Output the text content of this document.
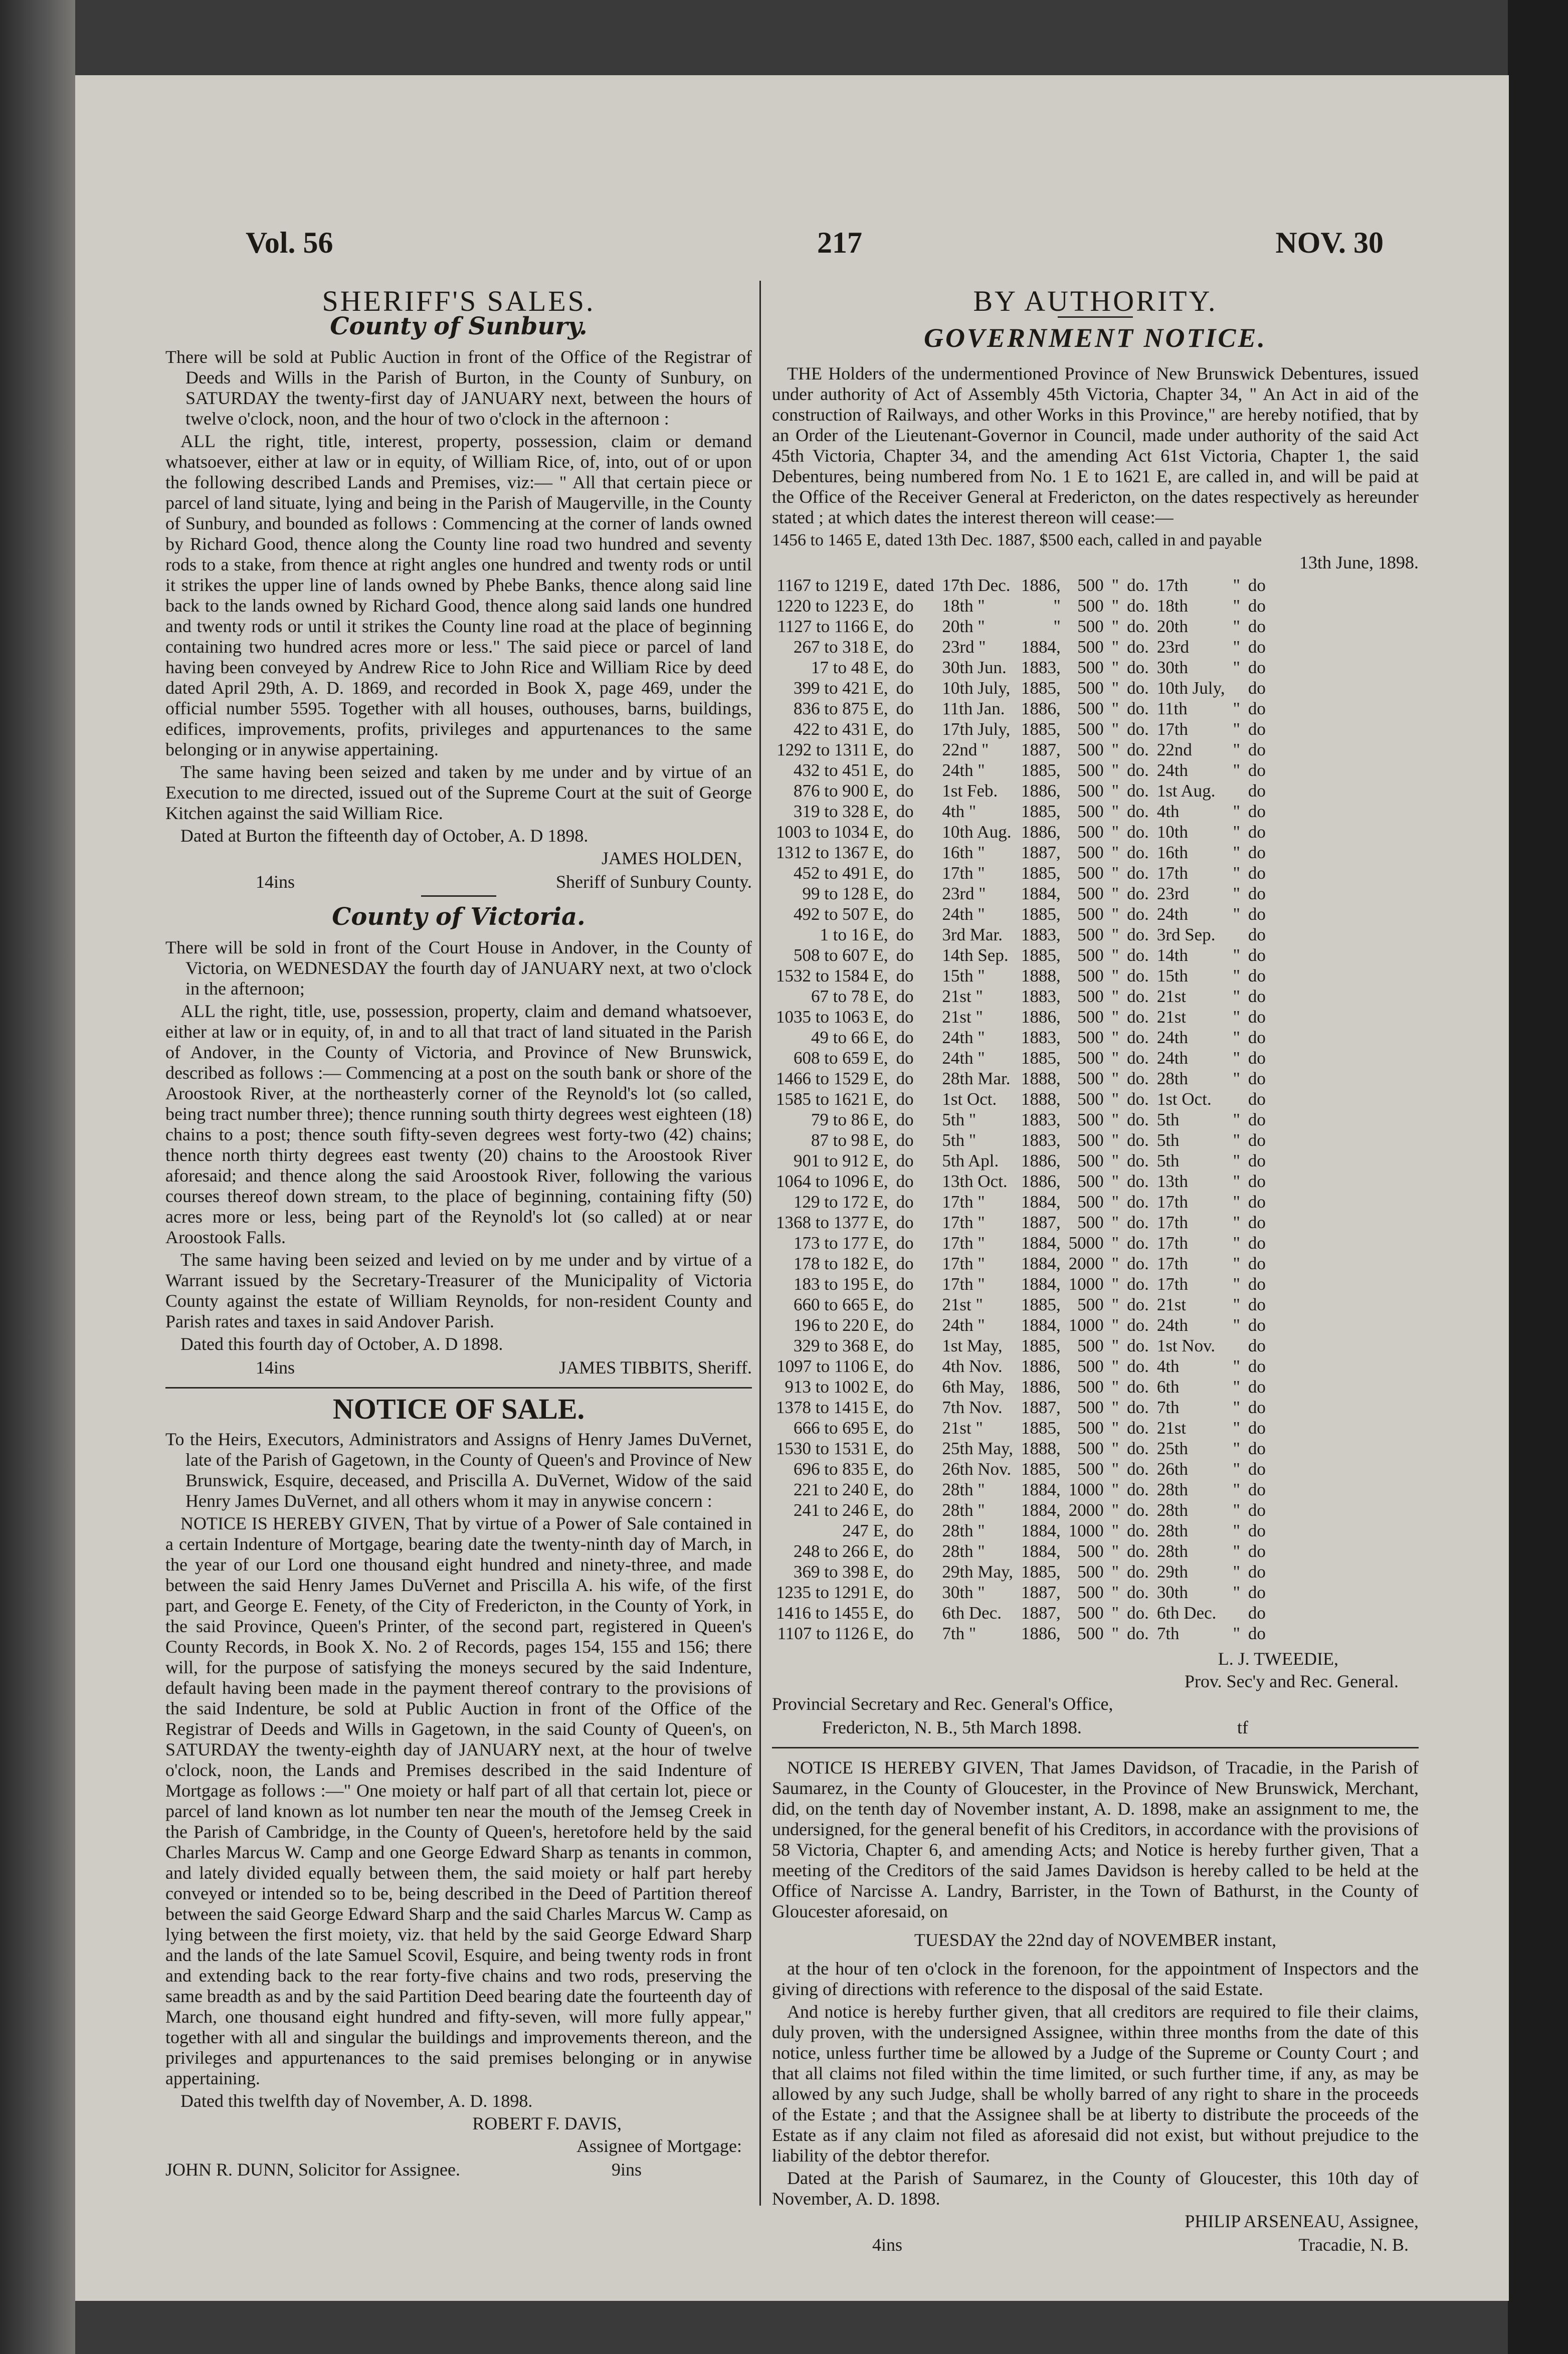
Vol. 56	217	NOV. 30
SHERIFF'S SALES.
County of Sunbury.

There will be sold at Public Auction in front of the Office of the Registrar of Deeds and Wills in the Parish of Burton, in the County of Sunbury, on SATURDAY the twenty-first day of JANUARY next, between the hours of twelve o'clock, noon, and the hour of two o'clock in the afternoon :

ALL the right, title, interest, property, possession, claim or demand whatsoever, either at law or in equity, of William Rice, of, into, out of or upon the following described Lands and Premises, viz:— " All that certain piece or parcel of land situate, lying and being in the Parish of Maugerville, in the County of Sunbury, and bounded as follows : Commencing at the corner of lands owned by Richard Good, thence along the County line road two hundred and seventy rods to a stake, from thence at right angles one hundred and twenty rods or until it strikes the upper line of lands owned by Phebe Banks, thence along said line back to the lands owned by Richard Good, thence along said lands one hundred and twenty rods or until it strikes the County line road at the place of beginning containing two hundred acres more or less." The said piece or parcel of land having been conveyed by Andrew Rice to John Rice and William Rice by deed dated April 29th, A. D. 1869, and recorded in Book X, page 469, under the official number 5595. Together with all houses, outhouses, barns, buildings, edifices, improvements, profits, privileges and appurtenances to the same belonging or in anywise appertaining.

The same having been seized and taken by me under and by virtue of an Execution to me directed, issued out of the Supreme Court at the suit of George Kitchen against the said William Rice.

Dated at Burton the fifteenth day of October, A. D 1898.

JAMES HOLDEN,
14ins	Sheriff of Sunbury County.
County of Victoria.

There will be sold in front of the Court House in Andover, in the County of Victoria, on WEDNESDAY the fourth day of JANUARY next, at two o'clock in the afternoon;

ALL the right, title, use, possession, property, claim and demand whatsoever, either at law or in equity, of, in and to all that tract of land situated in the Parish of Andover, in the County of Victoria, and Province of New Brunswick, described as follows :— Commencing at a post on the south bank or shore of the Aroostook River, at the northeasterly corner of the Reynold's lot (so called, being tract number three); thence running south thirty degrees west eighteen (18) chains to a post; thence south fifty-seven degrees west forty-two (42) chains; thence north thirty degrees east twenty (20) chains to the Aroostook River aforesaid; and thence along the said Aroostook River, following the various courses thereof down stream, to the place of beginning, containing fifty (50) acres more or less, being part of the Reynold's lot (so called) at or near Aroostook Falls.

The same having been seized and levied on by me under and by virtue of a Warrant issued by the Secretary-Treasurer of the Municipality of Victoria County against the estate of William Reynolds, for non-resident County and Parish rates and taxes in said Andover Parish.

Dated this fourth day of October, A. D 1898.

14ins	JAMES TIBBITS, Sheriff.
NOTICE OF SALE.

To the Heirs, Executors, Administrators and Assigns of Henry James DuVernet, late of the Parish of Gagetown, in the County of Queen's and Province of New Brunswick, Esquire, deceased, and Priscilla A. DuVernet, Widow of the said Henry James DuVernet, and all others whom it may in anywise concern :

NOTICE IS HEREBY GIVEN, That by virtue of a Power of Sale contained in a certain Indenture of Mortgage, bearing date the twenty-ninth day of March, in the year of our Lord one thousand eight hundred and ninety-three, and made between the said Henry James DuVernet and Priscilla A. his wife, of the first part, and George E. Fenety, of the City of Fredericton, in the County of York, in the said Province, Queen's Printer, of the second part, registered in Queen's County Records, in Book X. No. 2 of Records, pages 154, 155 and 156; there will, for the purpose of satisfying the moneys secured by the said Indenture, default having been made in the payment thereof contrary to the provisions of the said Indenture, be sold at Public Auction in front of the Office of the Registrar of Deeds and Wills in Gagetown, in the said County of Queen's, on SATURDAY the twenty-eighth day of JANUARY next, at the hour of twelve o'clock, noon, the Lands and Premises described in the said Indenture of Mortgage as follows :—" One moiety or half part of all that certain lot, piece or parcel of land known as lot number ten near the mouth of the Jemseg Creek in the Parish of Cambridge, in the County of Queen's, heretofore held by the said Charles Marcus W. Camp and one George Edward Sharp as tenants in common, and lately divided equally between them, the said moiety or half part hereby conveyed or intended so to be, being described in the Deed of Partition thereof between the said George Edward Sharp and the said Charles Marcus W. Camp as lying between the first moiety, viz. that held by the said George Edward Sharp and the lands of the late Samuel Scovil, Esquire, and being twenty rods in front and extending back to the rear forty-five chains and two rods, preserving the same breadth as and by the said Partition Deed bearing date the fourteenth day of March, one thousand eight hundred and fifty-seven, will more fully appear," together with all and singular the buildings and improvements thereon, and the privileges and appurtenances to the said premises belonging or in anywise appertaining.

Dated this twelfth day of November, A. D. 1898.

ROBERT F. DAVIS,
Assignee of Mortgage:
JOHN R. DUNN, Solicitor for Assignee.	9ins
BY AUTHORITY.
GOVERNMENT NOTICE.

THE Holders of the undermentioned Province of New Brunswick Debentures, issued under authority of Act of Assembly 45th Victoria, Chapter 34, " An Act in aid of the construction of Railways, and other Works in this Province," are hereby notified, that by an Order of the Lieutenant-Governor in Council, made under authority of the said Act 45th Victoria, Chapter 34, and the amending Act 61st Victoria, Chapter 1, the said Debentures, being numbered from No. 1 E to 1621 E, are called in, and will be paid at the Office of the Receiver General at Fredericton, on the dates respectively as hereunder stated ; at which dates the interest thereon will cease:—

1456 to 1465 E, dated 13th Dec. 1887, $500 each, called in and payable
13th June, 1898.
1167 to 1219 E,	dated	17th Dec.	1886,	500	"	do.	17th	"	do
1220 to 1223 E,	do	18th "	"	500	"	do.	18th	"	do
1127 to 1166 E,	do	20th "	"	500	"	do.	20th	"	do
267 to 318 E,	do	23rd "	1884,	500	"	do.	23rd	"	do
17 to 48 E,	do	30th Jun.	1883,	500	"	do.	30th	"	do
399 to 421 E,	do	10th July,	1885,	500	"	do.	10th July,		do
836 to 875 E,	do	11th Jan.	1886,	500	"	do.	11th	"	do
422 to 431 E,	do	17th July,	1885,	500	"	do.	17th	"	do
1292 to 1311 E,	do	22nd "	1887,	500	"	do.	22nd	"	do
432 to 451 E,	do	24th "	1885,	500	"	do.	24th	"	do
876 to 900 E,	do	1st Feb.	1886,	500	"	do.	1st Aug.		do
319 to 328 E,	do	4th "	1885,	500	"	do.	4th	"	do
1003 to 1034 E,	do	10th Aug.	1886,	500	"	do.	10th	"	do
1312 to 1367 E,	do	16th "	1887,	500	"	do.	16th	"	do
452 to 491 E,	do	17th "	1885,	500	"	do.	17th	"	do
99 to 128 E,	do	23rd "	1884,	500	"	do.	23rd	"	do
492 to 507 E,	do	24th "	1885,	500	"	do.	24th	"	do
1 to 16 E,	do	3rd Mar.	1883,	500	"	do.	3rd Sep.		do
508 to 607 E,	do	14th Sep.	1885,	500	"	do.	14th	"	do
1532 to 1584 E,	do	15th "	1888,	500	"	do.	15th	"	do
67 to 78 E,	do	21st "	1883,	500	"	do.	21st	"	do
1035 to 1063 E,	do	21st "	1886,	500	"	do.	21st	"	do
49 to 66 E,	do	24th "	1883,	500	"	do.	24th	"	do
608 to 659 E,	do	24th "	1885,	500	"	do.	24th	"	do
1466 to 1529 E,	do	28th Mar.	1888,	500	"	do.	28th	"	do
1585 to 1621 E,	do	1st Oct.	1888,	500	"	do.	1st Oct.		do
79 to 86 E,	do	5th "	1883,	500	"	do.	5th	"	do
87 to 98 E,	do	5th "	1883,	500	"	do.	5th	"	do
901 to 912 E,	do	5th Apl.	1886,	500	"	do.	5th	"	do
1064 to 1096 E,	do	13th Oct.	1886,	500	"	do.	13th	"	do
129 to 172 E,	do	17th "	1884,	500	"	do.	17th	"	do
1368 to 1377 E,	do	17th "	1887,	500	"	do.	17th	"	do
173 to 177 E,	do	17th "	1884,	5000	"	do.	17th	"	do
178 to 182 E,	do	17th "	1884,	2000	"	do.	17th	"	do
183 to 195 E,	do	17th "	1884,	1000	"	do.	17th	"	do
660 to 665 E,	do	21st "	1885,	500	"	do.	21st	"	do
196 to 220 E,	do	24th "	1884,	1000	"	do.	24th	"	do
329 to 368 E,	do	1st May,	1885,	500	"	do.	1st Nov.		do
1097 to 1106 E,	do	4th Nov.	1886,	500	"	do.	4th	"	do
913 to 1002 E,	do	6th May,	1886,	500	"	do.	6th	"	do
1378 to 1415 E,	do	7th Nov.	1887,	500	"	do.	7th	"	do
666 to 695 E,	do	21st "	1885,	500	"	do.	21st	"	do
1530 to 1531 E,	do	25th May,	1888,	500	"	do.	25th	"	do
696 to 835 E,	do	26th Nov.	1885,	500	"	do.	26th	"	do
221 to 240 E,	do	28th "	1884,	1000	"	do.	28th	"	do
241 to 246 E,	do	28th "	1884,	2000	"	do.	28th	"	do
247 E,	do	28th "	1884,	1000	"	do.	28th	"	do
248 to 266 E,	do	28th "	1884,	500	"	do.	28th	"	do
369 to 398 E,	do	29th May,	1885,	500	"	do.	29th	"	do
1235 to 1291 E,	do	30th "	1887,	500	"	do.	30th	"	do
1416 to 1455 E,	do	6th Dec.	1887,	500	"	do.	6th Dec.		do
1107 to 1126 E,	do	7th "	1886,	500	"	do.	7th	"	do
L. J. TWEEDIE,
Prov. Sec'y and Rec. General.
Provincial Secretary and Rec. General's Office,
Fredericton, N. B., 5th March 1898.	tf

NOTICE IS HEREBY GIVEN, That James Davidson, of Tracadie, in the Parish of Saumarez, in the County of Gloucester, in the Province of New Brunswick, Merchant, did, on the tenth day of November instant, A. D. 1898, make an assignment to me, the undersigned, for the general benefit of his Creditors, in accordance with the provisions of 58 Victoria, Chapter 6, and amending Acts; and Notice is hereby further given, That a meeting of the Creditors of the said James Davidson is hereby called to be held at the Office of Narcisse A. Landry, Barrister, in the Town of Bathurst, in the County of Gloucester aforesaid, on

TUESDAY the 22nd day of NOVEMBER instant,

at the hour of ten o'clock in the forenoon, for the appointment of Inspectors and the giving of directions with reference to the disposal of the said Estate.

And notice is hereby further given, that all creditors are required to file their claims, duly proven, with the undersigned Assignee, within three months from the date of this notice, unless further time be allowed by a Judge of the Supreme or County Court ; and that all claims not filed within the time limited, or such further time, if any, as may be allowed by any such Judge, shall be wholly barred of any right to share in the proceeds of the Estate ; and that the Assignee shall be at liberty to distribute the proceeds of the Estate as if any claim not filed as aforesaid did not exist, but without prejudice to the liability of the debtor therefor.

Dated at the Parish of Saumarez, in the County of Gloucester, this 10th day of November, A. D. 1898.

PHILIP ARSENEAU, Assignee,
4ins	Tracadie, N. B.
